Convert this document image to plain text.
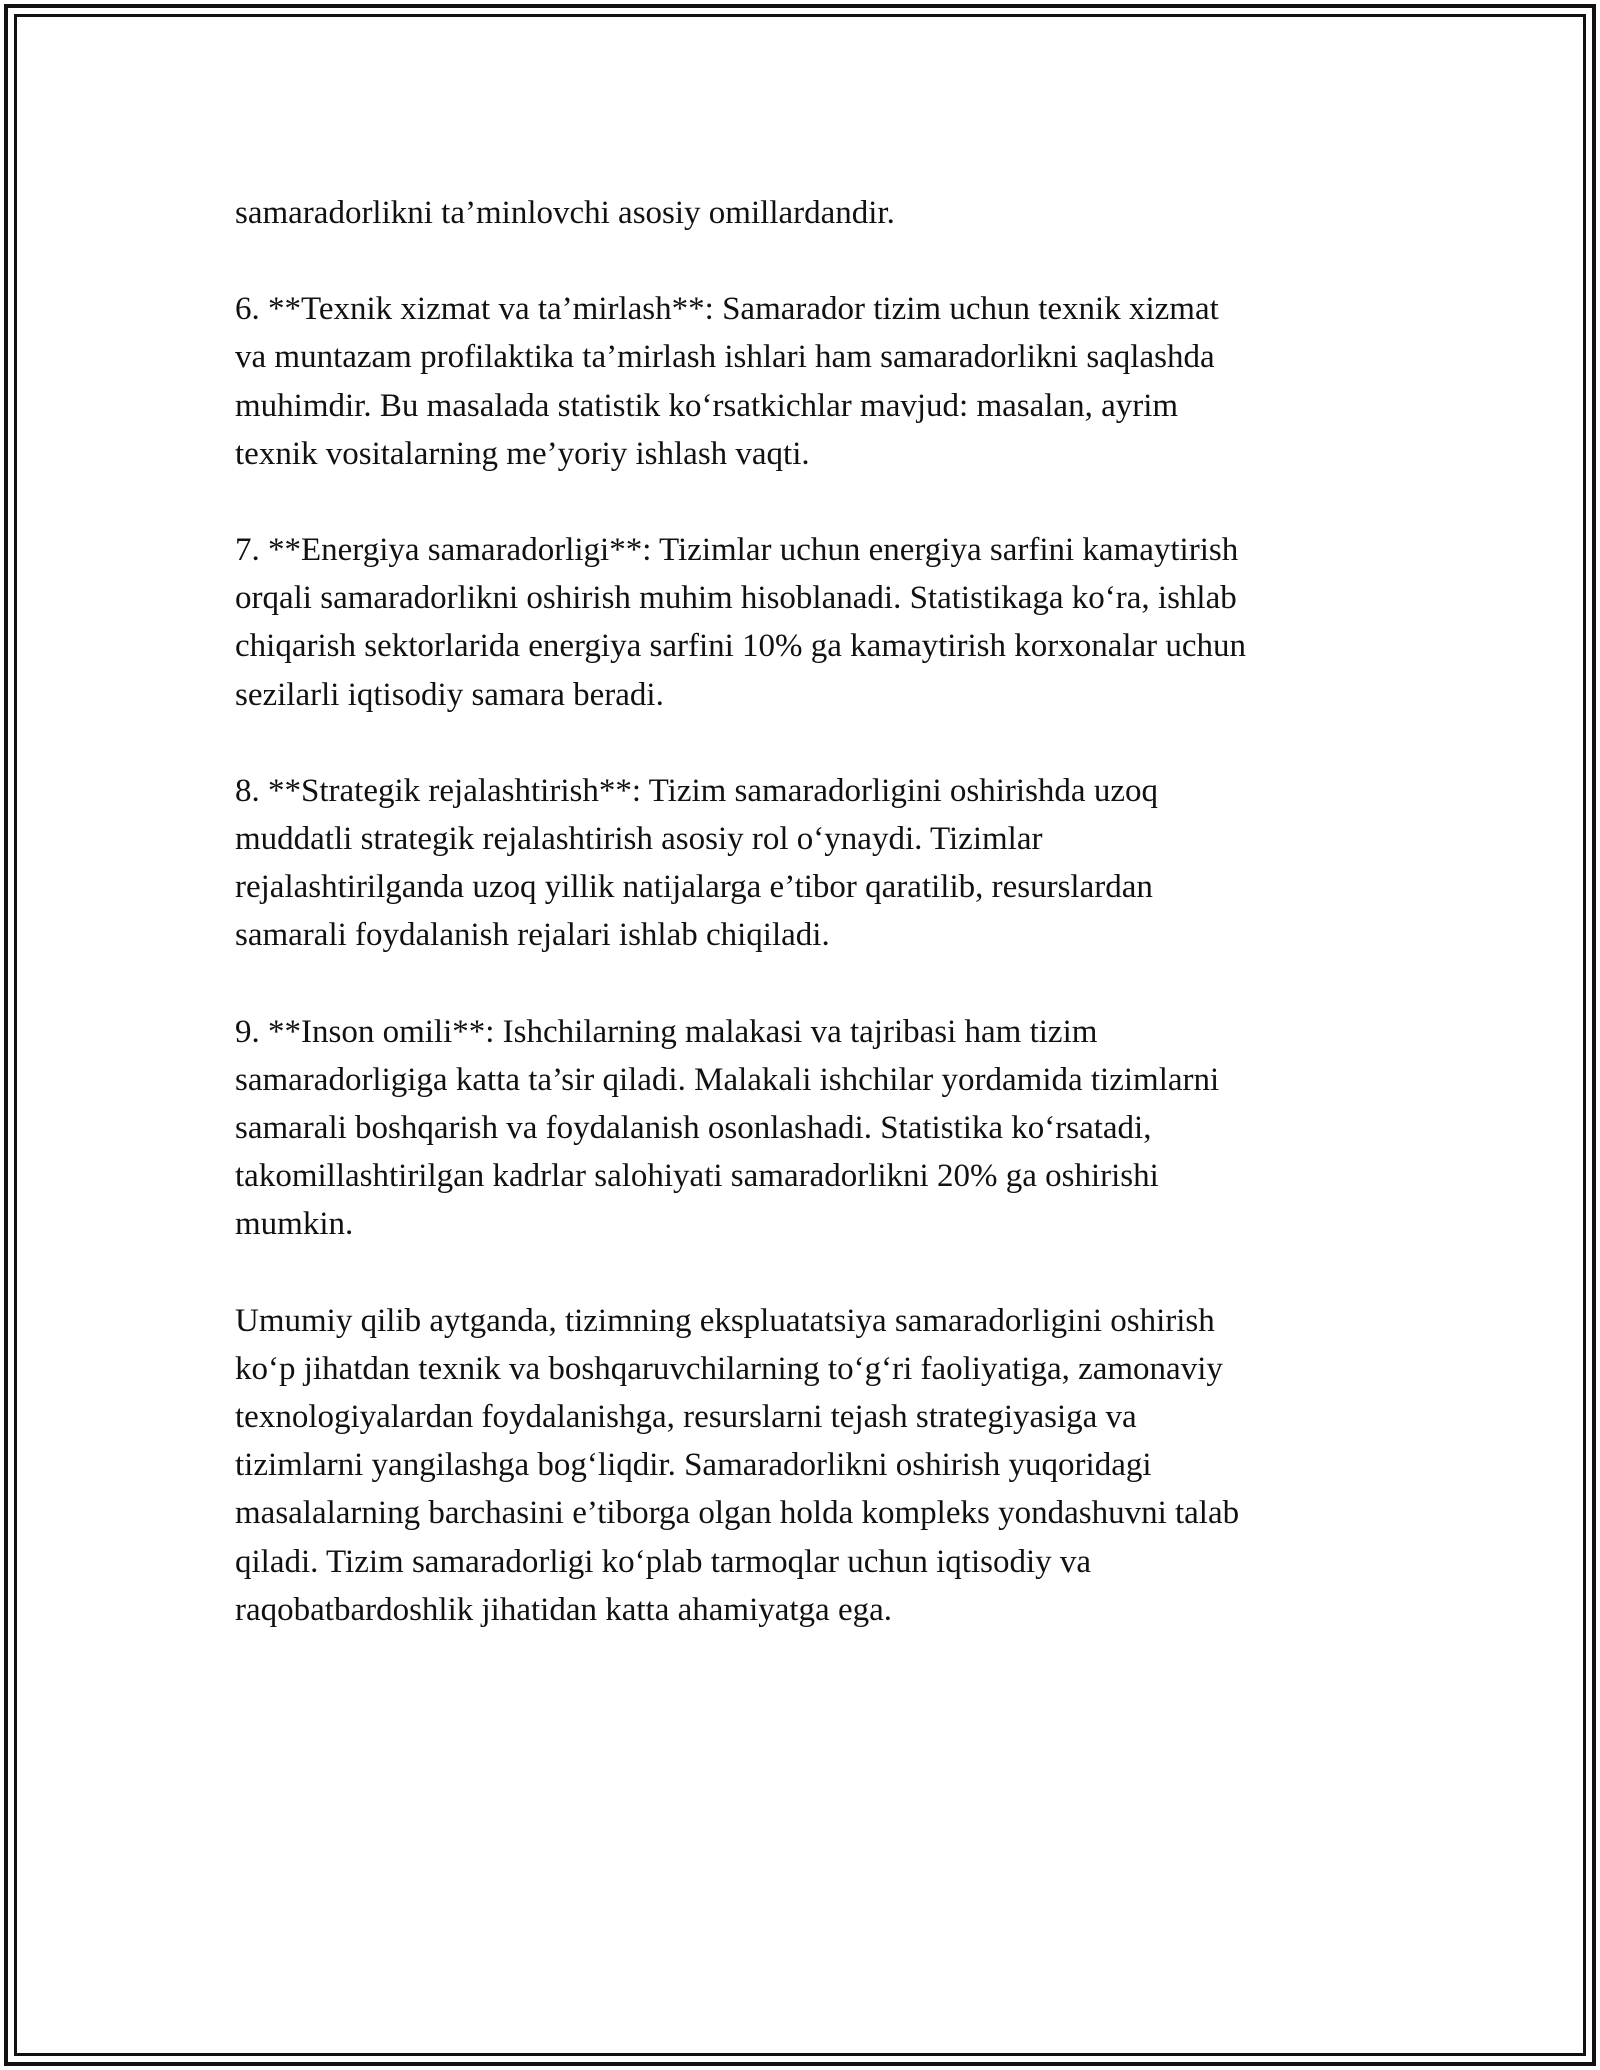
samaradorlikni ta’minlovchi asosiy omillardandir.

6. **Texnik xizmat va ta’mirlash**: Samarador tizim uchun texnik xizmat
va muntazam profilaktika ta’mirlash ishlari ham samaradorlikni saqlashda
muhimdir. Bu masalada statistik ko‘rsatkichlar mavjud: masalan, ayrim
texnik vositalarning me’yoriy ishlash vaqti.

7. **Energiya samaradorligi**: Tizimlar uchun energiya sarfini kamaytirish
orqali samaradorlikni oshirish muhim hisoblanadi. Statistikaga ko‘ra, ishlab
chiqarish sektorlarida energiya sarfini 10% ga kamaytirish korxonalar uchun
sezilarli iqtisodiy samara beradi.

8. **Strategik rejalashtirish**: Tizim samaradorligini oshirishda uzoq
muddatli strategik rejalashtirish asosiy rol o‘ynaydi. Tizimlar
rejalashtirilganda uzoq yillik natijalarga e’tibor qaratilib, resurslardan
samarali foydalanish rejalari ishlab chiqiladi.

9. **Inson omili**: Ishchilarning malakasi va tajribasi ham tizim
samaradorligiga katta ta’sir qiladi. Malakali ishchilar yordamida tizimlarni
samarali boshqarish va foydalanish osonlashadi. Statistika ko‘rsatadi,
takomillashtirilgan kadrlar salohiyati samaradorlikni 20% ga oshirishi
mumkin.

Umumiy qilib aytganda, tizimning ekspluatatsiya samaradorligini oshirish
ko‘p jihatdan texnik va boshqaruvchilarning to‘g‘ri faoliyatiga, zamonaviy
texnologiyalardan foydalanishga, resurslarni tejash strategiyasiga va
tizimlarni yangilashga bog‘liqdir. Samaradorlikni oshirish yuqoridagi
masalalarning barchasini e’tiborga olgan holda kompleks yondashuvni talab
qiladi. Tizim samaradorligi ko‘plab tarmoqlar uchun iqtisodiy va
raqobatbardoshlik jihatidan katta ahamiyatga ega.
